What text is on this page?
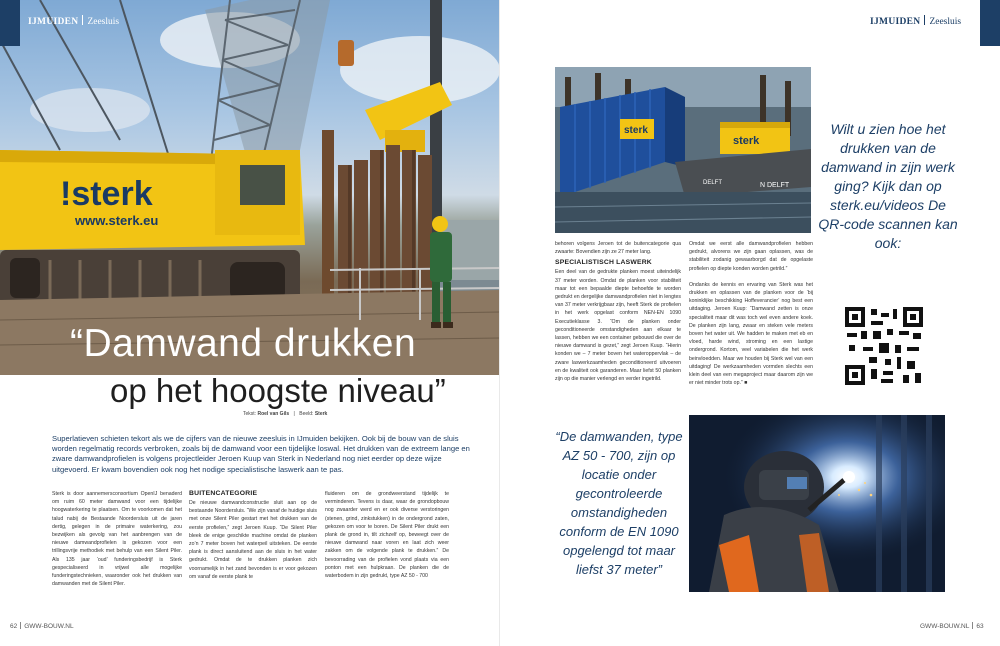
!sterk
www.sterk.eu
IJMUIDEN Zeesluis
“Damwand drukken
op het hoogste niveau”
Tekst: Roel van Gils | Beeld: Sterk

Superlatieven schieten tekort als we de cijfers van de nieuwe zeesluis in IJmuiden bekijken. Ook bij de bouw van de sluis worden regelmatig records verbroken, zoals bij de damwand voor een tijdelijke loswal. Het drukken van de extreem lange en zware damwandprofielen is volgens projectleider Jeroen Kuup van Sterk in Nederland nog niet eerder op deze wijze uitgevoerd. Er kwam bovendien ook nog het nodige specialistische laswerk aan te pas.

Sterk is door aannemersconsortium OpenIJ benaderd om ruim 60 meter damwand voor een tijdelijke hoogwaterkering te plaatsen. Om te voorkomen dat het talud nabij de Bestaande Noordersluis uit de jaren dertig, gelegen in de primaire waterkering, zou bezwijken als gevolg van het aanbrengen van de nieuwe damwandprofielen is gekozen voor een trillingsvrije methodiek met behulp van een Silent Piler. Als 135 jaar ‘oud’ funderingsbedrijf is Sterk gespecialiseerd in vrijwel alle mogelijke funderingstechnieken, waaronder ook het drukken van damwanden met de Silent Piler.

BUITENCATEGORIE

De nieuwe damwandconstructie sluit aan op de bestaande Noordersluis. “We zijn vanaf de huidige sluis met onze Silent Piler gestart met het drukken van de eerste profielen,” zegt Jeroen Kuup. “De Silent Piler bleek de enige geschikte machine omdat de planken zo’n 7 meter boven het waterpeil uitsteken. De eerste plank is direct aansluitend aan de sluis in het water gedrukt. Omdat de te drukken planken zich voornamelijk in het zand bevonden is er voor gekozen om vanaf de eerste plank te

fluideren om de grondweerstand tijdelijk te verminderen. Tevens is daar, waar de grondopbouw nog zwaarder werd en er ook diverse verstoringen (stenen, grind, zinkstukken) in de ondergrond zaten, gekozen om voor te boren. De Silent Piler drukt een plank de grond in, tilt zichzelf op, beweegt over de nieuwe damwand naar voren en laat zich weer zakken om de volgende plank te drukken.” De bevoorrading van de profielen vond plaats via een ponton met een hulpkraan. De planken die de waterbodem in zijn gedrukt, type AZ 50 - 700

62 GWW-BOUW.NL
IJMUIDEN Zeesluis
sterk
sterk
DELFT	N DELFT
Wilt u zien hoe het drukken van de damwand in zijn werk ging? Kijk dan op sterk.eu/videos De QR-code scannen kan ook:

behoren volgens Jeroen tot de buitencategorie qua zwaarte: Bovendien zijn ze 27 meter lang.

SPECIALISTISCH LASWERK

Een deel van de gedrukte planken moest uiteindelijk 37 meter worden. Omdat de planken voor stabiliteit maar tot een bepaalde diepte behoefde te worden gedrukt en dergelijke damwandprofielen niet in lengtes van 37 meter verkrijgbaar zijn, heeft Sterk de profielen in het werk opgelast conform NEN-EN 1090 Executieklasse 3. “Om de planken onder geconditioneerde omstandigheden aan elkaar te lassen, hebben we een container gebouwd die over de nieuwe damwand is gezet,” zegt Jeroen Kuup. “Hierin konden we – 7 meter boven het wateroppervlak – de zware laswerkzaamheden geconditioneerd uitvoeren en de kwaliteit ook garanderen. Maar liefst 50 planken zijn op die manier verlengd en verder ingetrild.

Omdat we eerst alle damwandprofielen hebben gedrukt, alvorens we zijn gaan oplassen, was de stabiliteit zodanig gewaarborgd dat de opgelaste profielen op diepte konden worden getrild.”

Ondanks de kennis en ervaring van Sterk was het drukken en oplassen van de planken voor de ‘bij koninklijke beschikking Hoffeverancier’ nog best een uitdaging. Jeroen Kuup: “Damwand zetten is onze specialiteit maar dit was toch wel even andere koek. De planken zijn lang, zwaar en steken vele meters boven het water uit. We hadden te maken met eb en vloed, harde wind, stroming en een lastige ondergrond. Kortom, veel variabelen die het werk beinvloedden. Maar we houden bij Sterk wel van een uitdaging! De werkzaamheden vormden slechts een klein deel van een megaproject maar daarom zijn we er niet minder trots op.” ■

“De damwanden, type AZ 50 - 700, zijn op locatie onder gecontroleerde omstandigheden conform de EN 1090 opgelengd tot maar liefst 37 meter”
GWW-BOUW.NL 63
